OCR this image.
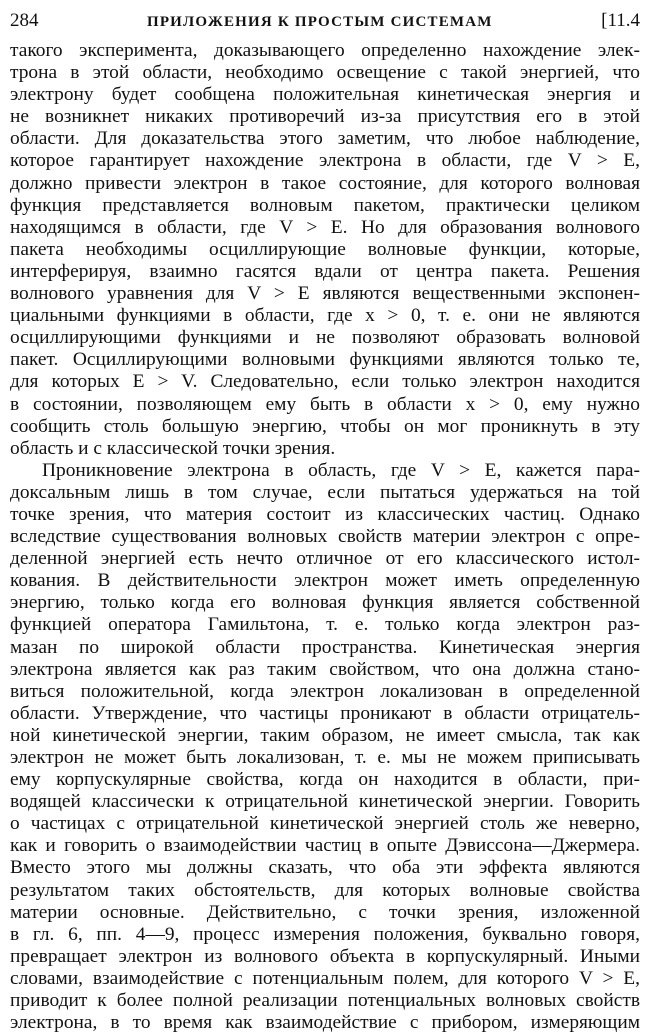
284	ПРИЛОЖЕНИЯ К ПРОСТЫМ СИСТЕМАМ	[11.4
такого эксперимента, доказывающего определенно нахождение элек-
трона в этой области, необходимо освещение с такой энергией, что
электрону будет сообщена положительная кинетическая энергия и
не возникнет никаких противоречий из-за присутствия его в этой
области. Для доказательства этого заметим, что любое наблюдение,
которое гарантирует нахождение электрона в области, где V > E,
должно привести электрон в такое состояние, для которого волновая
функция представляется волновым пакетом, практически целиком
находящимся в области, где V > E. Но для образования волнового
пакета необходимы осциллирующие волновые функции, которые,
интерферируя, взаимно гасятся вдали от центра пакета. Решения
волнового уравнения для V > E являются вещественными экспонен-
циальными функциями в области, где x > 0, т. е. они не являются
осциллирующими функциями и не позволяют образовать волновой
пакет. Осциллирующими волновыми функциями являются только те,
для которых E > V. Следовательно, если только электрон находится
в состоянии, позволяющем ему быть в области x > 0, ему нужно
сообщить столь большую энергию, чтобы он мог проникнуть в эту
область и с классической точки зрения.
Проникновение электрона в область, где V > E, кажется пара-
доксальным лишь в том случае, если пытаться удержаться на той
точке зрения, что материя состоит из классических частиц. Однако
вследствие существования волновых свойств материи электрон с опре-
деленной энергией есть нечто отличное от его классического истол-
кования. В действительности электрон может иметь определенную
энергию, только когда его волновая функция является собственной
функцией оператора Гамильтона, т. е. только когда электрон раз-
мазан по широкой области пространства. Кинетическая энергия
электрона является как раз таким свойством, что она должна стано-
виться положительной, когда электрон локализован в определенной
области. Утверждение, что частицы проникают в области отрицатель-
ной кинетической энергии, таким образом, не имеет смысла, так как
электрон не может быть локализован, т. е. мы не можем приписывать
ему корпускулярные свойства, когда он находится в области, при-
водящей классически к отрицательной кинетической энергии. Говорить
о частицах с отрицательной кинетической энергией столь же неверно,
как и говорить о взаимодействии частиц в опыте Дэвиссона—Джермера.
Вместо этого мы должны сказать, что оба эти эффекта являются
результатом таких обстоятельств, для которых волновые свойства
материи основные. Действительно, с точки зрения, изложенной
в гл. 6, пп. 4—9, процесс измерения положения, буквально говоря,
превращает электрон из волнового объекта в корпускулярный. Иными
словами, взаимодействие с потенциальным полем, для которого V > E,
приводит к более полной реализации потенциальных волновых свойств
электрона, в то время как взаимодействие с прибором, измеряющим
